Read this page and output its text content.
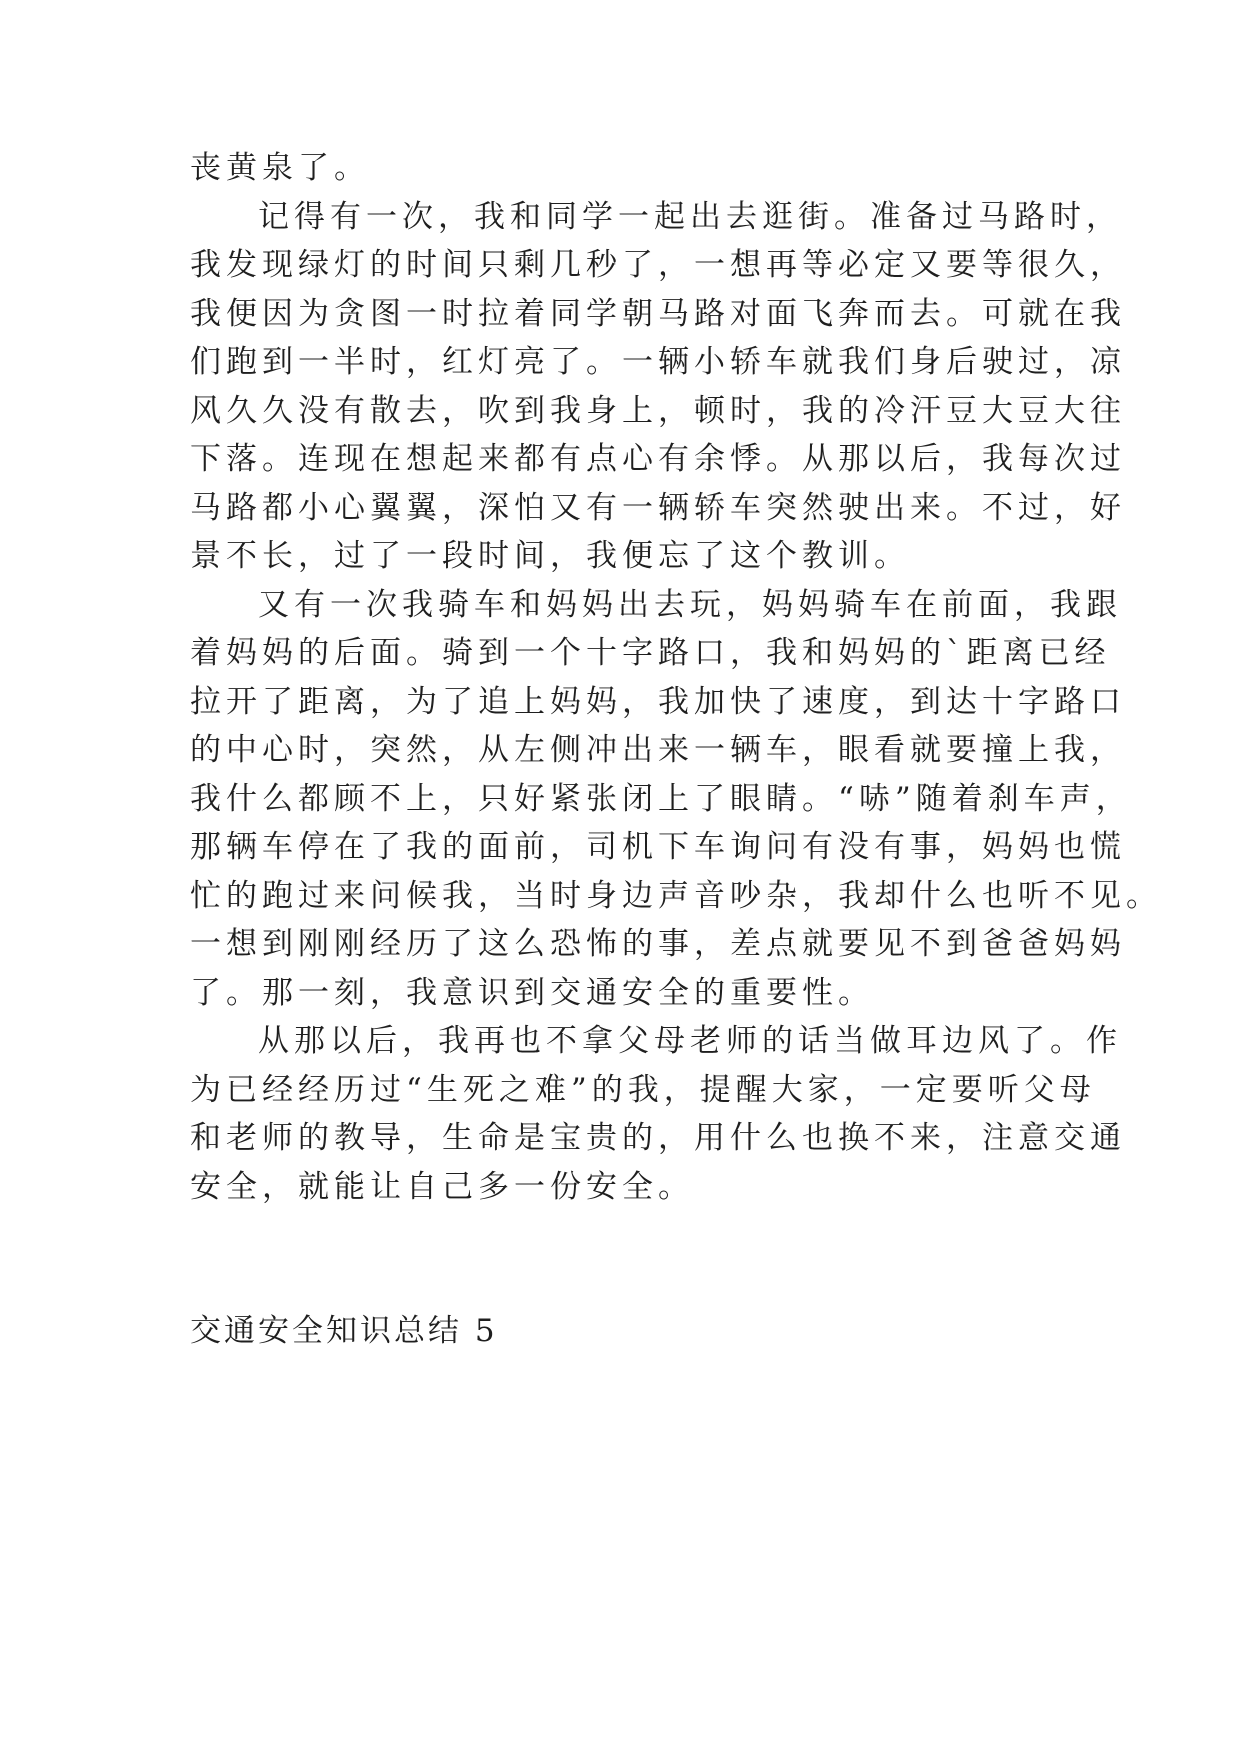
丧黄泉了。
记得有一次，我和同学一起出去逛街。准备过马路时，
我发现绿灯的时间只剩几秒了，一想再等必定又要等很久，
我便因为贪图一时拉着同学朝马路对面飞奔而去。可就在我
们跑到一半时，红灯亮了。一辆小轿车就我们身后驶过，凉
风久久没有散去，吹到我身上，顿时，我的冷汗豆大豆大往
下落。连现在想起来都有点心有余悸。从那以后，我每次过
马路都小心翼翼，深怕又有一辆轿车突然驶出来。不过，好
景不长，过了一段时间，我便忘了这个教训。
又有一次我骑车和妈妈出去玩，妈妈骑车在前面，我跟
着妈妈的后面。骑到一个十字路口，我和妈妈的`距离已经
拉开了距离，为了追上妈妈，我加快了速度，到达十字路口
的中心时，突然，从左侧冲出来一辆车，眼看就要撞上我，
我什么都顾不上，只好紧张闭上了眼睛。“哧”随着刹车声，
那辆车停在了我的面前，司机下车询问有没有事，妈妈也慌
忙的跑过来问候我，当时身边声音吵杂，我却什么也听不见。
一想到刚刚经历了这么恐怖的事，差点就要见不到爸爸妈妈
了。那一刻，我意识到交通安全的重要性。
从那以后，我再也不拿父母老师的话当做耳边风了。作
为已经经历过“生死之难”的我，提醒大家，一定要听父母
和老师的教导，生命是宝贵的，用什么也换不来，注意交通
安全，就能让自己多一份安全。
交通安全知识总结 5
